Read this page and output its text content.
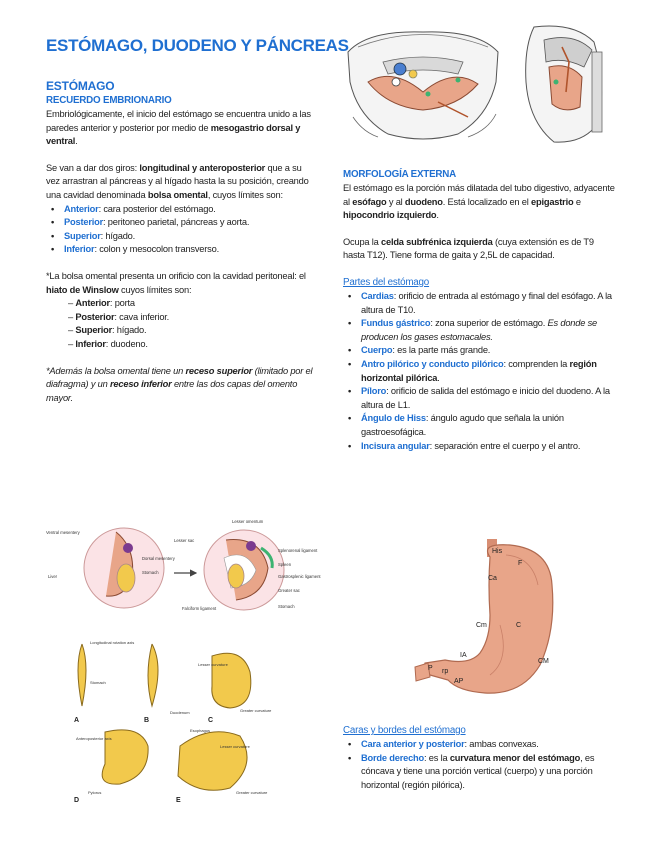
ESTÓMAGO, DUODENO Y PÁNCREAS
ESTÓMAGO
RECUERDO EMBRIONARIO

Embriológicamente, el inicio del estómago se encuentra unido a las paredes anterior y posterior por medio de mesogastrio dorsal y ventral.

Se van a dar dos giros: longitudinal y anteroposterior que a su vez arrastran al páncreas y al hígado hasta la su posición, creando una cavidad denominada bolsa omental, cuyos límites son:

• Anterior: cara posterior del estómago.
• Posterior: peritoneo parietal, páncreas y aorta.
• Superior: hígado.
• Inferior: colon y mesocolon transverso.

*La bolsa omental presenta un orificio con la cavidad peritoneal: el hiato de Winslow cuyos límites son:

– Anterior: porta
– Posterior: cava inferior.
– Superior: hígado.
– Inferior: duodeno.

*Además la bolsa omental tiene un receso superior (limitado por el diafragma) y un receso inferior entre las dos capas del omento mayor.

MORFOLOGÍA EXTERNA

El estómago es la porción más dilatada del tubo digestivo, adyacente al esófago y al duodeno. Está localizado en el epigastrio e hipocondrio izquierdo.

Ocupa la celda subfrénica izquierda (cuya extensión es de T9 hasta T12). Tiene forma de gaita y 2,5L de capacidad.

Partes del estómago
• Cardias: orificio de entrada al estómago y final del esófago. A la altura de T10.
• Fundus gástrico: zona superior de estómago. Es donde se producen los gases estomacales.
• Cuerpo: es la parte más grande.
• Antro pilórico y conducto pilórico: comprenden la región horizontal pilórica.
• Píloro: orificio de salida del estómago e inicio del duodeno. A la altura de L1.
• Ángulo de Hiss: ángulo agudo que señala la unión gastroesofágica.
• Incisura angular: separación entre el cuerpo y el antro.
His
F
Ca
Cm	C
IA
P rp
AP
CM
Caras y bordes del estómago
• Cara anterior y posterior: ambas convexas.
• Borde derecho: es la curvatura menor del estómago, es cóncava y tiene una porción vertical (cuerpo) y una porción horizontal (región pilórica).
Ventral mesentery
Dorsal mesentery
Stomach
Liver
Lesser omentum
Lesser sac
Splenorenal ligament
Spleen
Gastrosplenic ligament
Greater sac
Falciform ligament	Stomach
Longitudinal rotation axis
Stomach
Lesser curvature
Duodenum	Greater curvature
Anteroposterior axis
Esophagus
Pylorus
Lesser curvature
Greater curvature
A	B	C
D	E
